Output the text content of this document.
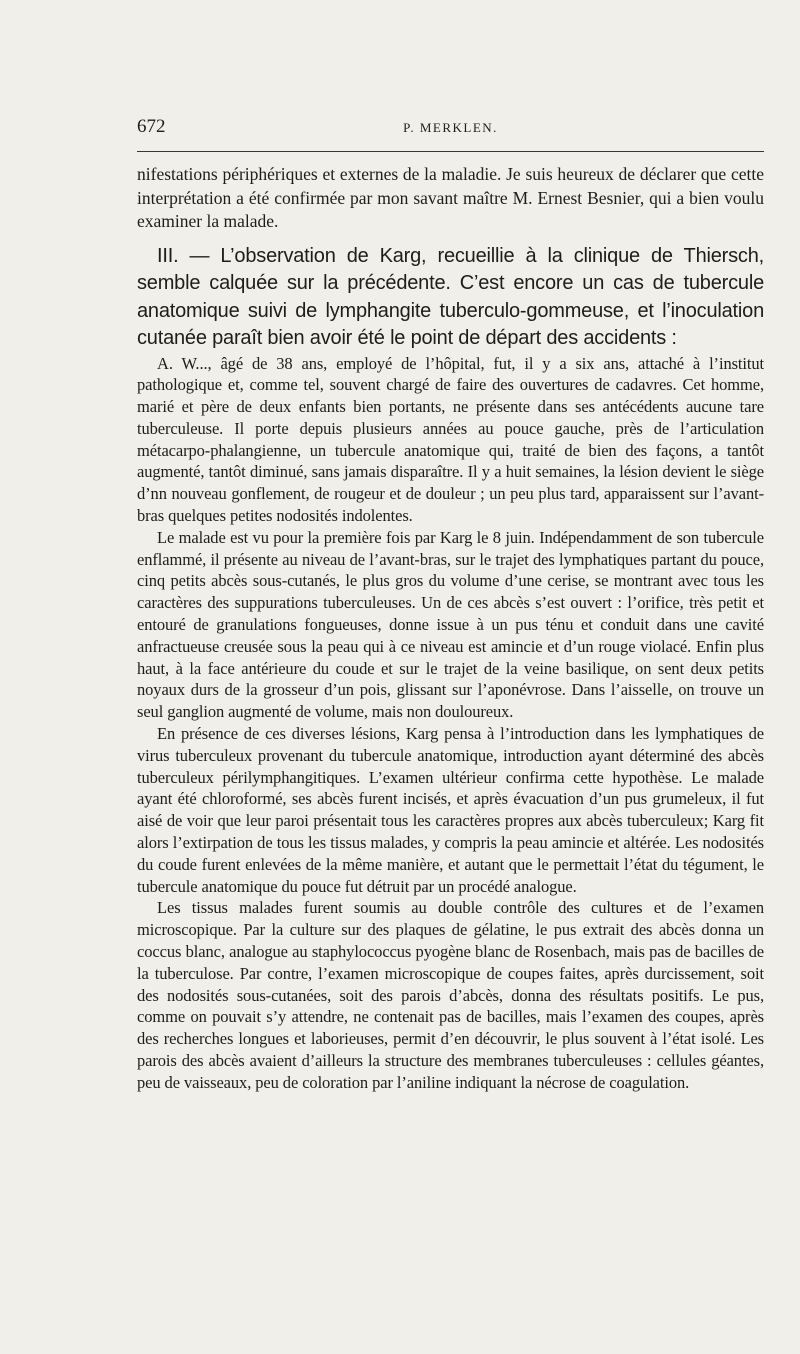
672	P. MERKLEN.

nifestations périphériques et externes de la maladie. Je suis heureux de déclarer que cette interprétation a été confirmée par mon savant maître M. Ernest Besnier, qui a bien voulu examiner la malade.

III. — L’observation de Karg, recueillie à la clinique de Thiersch, semble calquée sur la précédente. C’est encore un cas de tubercule anatomique suivi de lymphangite tuberculo-gommeuse, et l’inoculation cutanée paraît bien avoir été le point de départ des accidents :

A. W..., âgé de 38 ans, employé de l’hôpital, fut, il y a six ans, attaché à l’institut pathologique et, comme tel, souvent chargé de faire des ouvertures de cadavres. Cet homme, marié et père de deux enfants bien portants, ne présente dans ses antécédents aucune tare tuberculeuse. Il porte depuis plusieurs années au pouce gauche, près de l’articulation métacarpo-phalangienne, un tubercule anatomique qui, traité de bien des façons, a tantôt augmenté, tantôt diminué, sans jamais disparaître. Il y a huit semaines, la lésion devient le siège d’nn nouveau gonflement, de rougeur et de douleur ; un peu plus tard, apparaissent sur l’avant-bras quelques petites nodosités indolentes.

Le malade est vu pour la première fois par Karg le 8 juin. Indépendamment de son tubercule enflammé, il présente au niveau de l’avant-bras, sur le trajet des lymphatiques partant du pouce, cinq petits abcès sous-cutanés, le plus gros du volume d’une cerise, se montrant avec tous les caractères des suppurations tuberculeuses. Un de ces abcès s’est ouvert : l’orifice, très petit et entouré de granulations fongueuses, donne issue à un pus ténu et conduit dans une cavité anfractueuse creusée sous la peau qui à ce niveau est amincie et d’un rouge violacé. Enfin plus haut, à la face antérieure du coude et sur le trajet de la veine basilique, on sent deux petits noyaux durs de la grosseur d’un pois, glissant sur l’aponévrose. Dans l’aisselle, on trouve un seul ganglion augmenté de volume, mais non douloureux.

En présence de ces diverses lésions, Karg pensa à l’introduction dans les lymphatiques de virus tuberculeux provenant du tubercule anatomique, introduction ayant déterminé des abcès tuberculeux périlymphangitiques. L’examen ultérieur confirma cette hypothèse. Le malade ayant été chloroformé, ses abcès furent incisés, et après évacuation d’un pus grumeleux, il fut aisé de voir que leur paroi présentait tous les caractères propres aux abcès tuberculeux; Karg fit alors l’extirpation de tous les tissus malades, y compris la peau amincie et altérée. Les nodosités du coude furent enlevées de la même manière, et autant que le permettait l’état du tégument, le tubercule anatomique du pouce fut détruit par un procédé analogue.

Les tissus malades furent soumis au double contrôle des cultures et de l’examen microscopique. Par la culture sur des plaques de gélatine, le pus extrait des abcès donna un coccus blanc, analogue au staphylococcus pyogène blanc de Rosenbach, mais pas de bacilles de la tuberculose. Par contre, l’examen microscopique de coupes faites, après durcissement, soit des nodosités sous-cutanées, soit des parois d’abcès, donna des résultats positifs. Le pus, comme on pouvait s’y attendre, ne contenait pas de bacilles, mais l’examen des coupes, après des recherches longues et laborieuses, permit d’en découvrir, le plus souvent à l’état isolé. Les parois des abcès avaient d’ailleurs la structure des membranes tuberculeuses : cellules géantes, peu de vaisseaux, peu de coloration par l’aniline indiquant la nécrose de coagulation.
